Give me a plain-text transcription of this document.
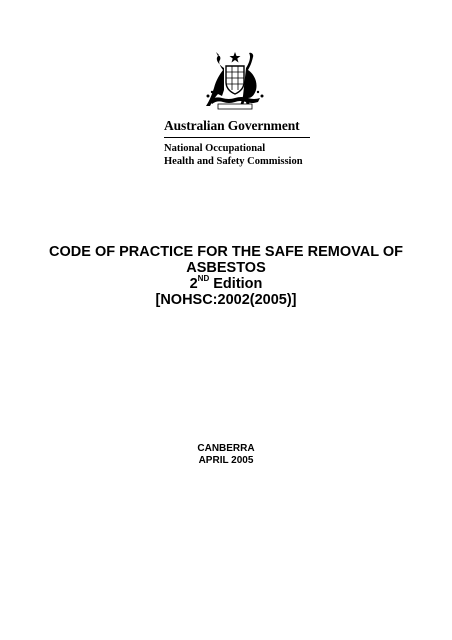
Australian Government
National Occupational
Health and Safety Commission
CODE OF PRACTICE FOR THE SAFE REMOVAL OF
ASBESTOS
2ND Edition
[NOHSC:2002(2005)]
CANBERRA
APRIL 2005
